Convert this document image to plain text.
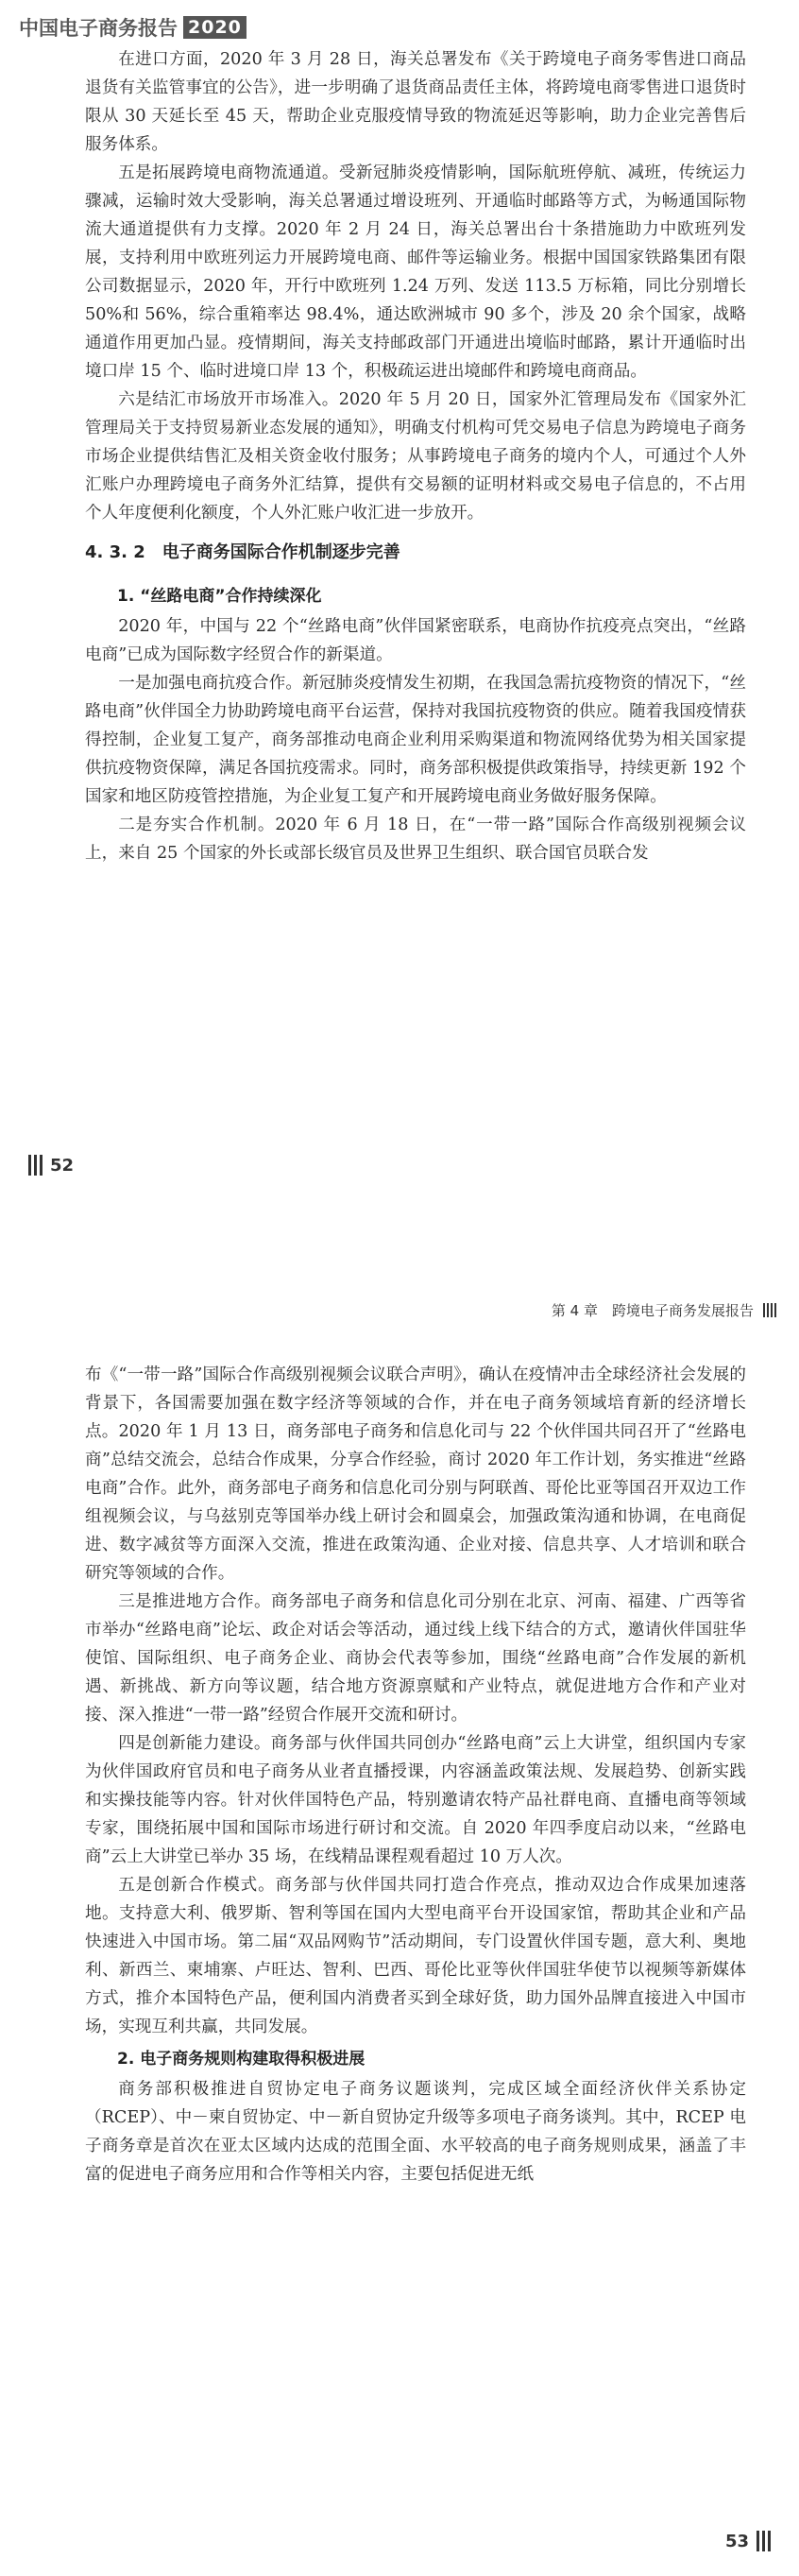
中国电子商务报告 2020

在进口方面，2020 年 3 月 28 日，海关总署发布《关于跨境电子商务零售进口商品退货有关监管事宜的公告》，进一步明确了退货商品责任主体，将跨境电商零售进口退货时限从 30 天延长至 45 天，帮助企业克服疫情导致的物流延迟等影响，助力企业完善售后服务体系。

五是拓展跨境电商物流通道。受新冠肺炎疫情影响，国际航班停航、减班，传统运力骤减，运输时效大受影响，海关总署通过增设班列、开通临时邮路等方式，为畅通国际物流大通道提供有力支撑。2020 年 2 月 24 日，海关总署出台十条措施助力中欧班列发展，支持利用中欧班列运力开展跨境电商、邮件等运输业务。根据中国国家铁路集团有限公司数据显示，2020 年，开行中欧班列 1.24 万列、发送 113.5 万标箱，同比分别增长 50%和 56%，综合重箱率达 98.4%，通达欧洲城市 90 多个，涉及 20 余个国家，战略通道作用更加凸显。疫情期间，海关支持邮政部门开通进出境临时邮路，累计开通临时出境口岸 15 个、临时进境口岸 13 个，积极疏运进出境邮件和跨境电商商品。

六是结汇市场放开市场准入。2020 年 5 月 20 日，国家外汇管理局发布《国家外汇管理局关于支持贸易新业态发展的通知》，明确支付机构可凭交易电子信息为跨境电子商务市场企业提供结售汇及相关资金收付服务；从事跨境电子商务的境内个人，可通过个人外汇账户办理跨境电子商务外汇结算，提供有交易额的证明材料或交易电子信息的，不占用个人年度便利化额度，个人外汇账户收汇进一步放开。

4. 3. 2　电子商务国际合作机制逐步完善
1. “丝路电商”合作持续深化

2020 年，中国与 22 个“丝路电商”伙伴国紧密联系，电商协作抗疫亮点突出，“丝路电商”已成为国际数字经贸合作的新渠道。

一是加强电商抗疫合作。新冠肺炎疫情发生初期，在我国急需抗疫物资的情况下，“丝路电商”伙伴国全力协助跨境电商平台运营，保持对我国抗疫物资的供应。随着我国疫情获得控制，企业复工复产，商务部推动电商企业利用采购渠道和物流网络优势为相关国家提供抗疫物资保障，满足各国抗疫需求。同时，商务部积极提供政策指导，持续更新 192 个国家和地区防疫管控措施，为企业复工复产和开展跨境电商业务做好服务保障。

二是夯实合作机制。2020 年 6 月 18 日，在“一带一路”国际合作高级别视频会议上，来自 25 个国家的外长或部长级官员及世界卫生组织、联合国官员联合发

52
第 4 章　跨境电子商务发展报告

布《“一带一路”国际合作高级别视频会议联合声明》，确认在疫情冲击全球经济社会发展的背景下，各国需要加强在数字经济等领域的合作，并在电子商务领域培育新的经济增长点。2020 年 1 月 13 日，商务部电子商务和信息化司与 22 个伙伴国共同召开了“丝路电商”总结交流会，总结合作成果，分享合作经验，商讨 2020 年工作计划，务实推进“丝路电商”合作。此外，商务部电子商务和信息化司分别与阿联酋、哥伦比亚等国召开双边工作组视频会议，与乌兹别克等国举办线上研讨会和圆桌会，加强政策沟通和协调，在电商促进、数字减贫等方面深入交流，推进在政策沟通、企业对接、信息共享、人才培训和联合研究等领域的合作。

三是推进地方合作。商务部电子商务和信息化司分别在北京、河南、福建、广西等省市举办“丝路电商”论坛、政企对话会等活动，通过线上线下结合的方式，邀请伙伴国驻华使馆、国际组织、电子商务企业、商协会代表等参加，围绕“丝路电商”合作发展的新机遇、新挑战、新方向等议题，结合地方资源禀赋和产业特点，就促进地方合作和产业对接、深入推进“一带一路”经贸合作展开交流和研讨。

四是创新能力建设。商务部与伙伴国共同创办“丝路电商”云上大讲堂，组织国内专家为伙伴国政府官员和电子商务从业者直播授课，内容涵盖政策法规、发展趋势、创新实践和实操技能等内容。针对伙伴国特色产品，特别邀请农特产品社群电商、直播电商等领域专家，围绕拓展中国和国际市场进行研讨和交流。自 2020 年四季度启动以来，“丝路电商”云上大讲堂已举办 35 场，在线精品课程观看超过 10 万人次。

五是创新合作模式。商务部与伙伴国共同打造合作亮点，推动双边合作成果加速落地。支持意大利、俄罗斯、智利等国在国内大型电商平台开设国家馆，帮助其企业和产品快速进入中国市场。第二届“双品网购节”活动期间，专门设置伙伴国专题，意大利、奥地利、新西兰、柬埔寨、卢旺达、智利、巴西、哥伦比亚等伙伴国驻华使节以视频等新媒体方式，推介本国特色产品，便利国内消费者买到全球好货，助力国外品牌直接进入中国市场，实现互利共赢，共同发展。

2. 电子商务规则构建取得积极进展

商务部积极推进自贸协定电子商务议题谈判，完成区域全面经济伙伴关系协定（RCEP）、中－柬自贸协定、中－新自贸协定升级等多项电子商务谈判。其中，RCEP 电子商务章是首次在亚太区域内达成的范围全面、水平较高的电子商务规则成果，涵盖了丰富的促进电子商务应用和合作等相关内容，主要包括促进无纸

53
